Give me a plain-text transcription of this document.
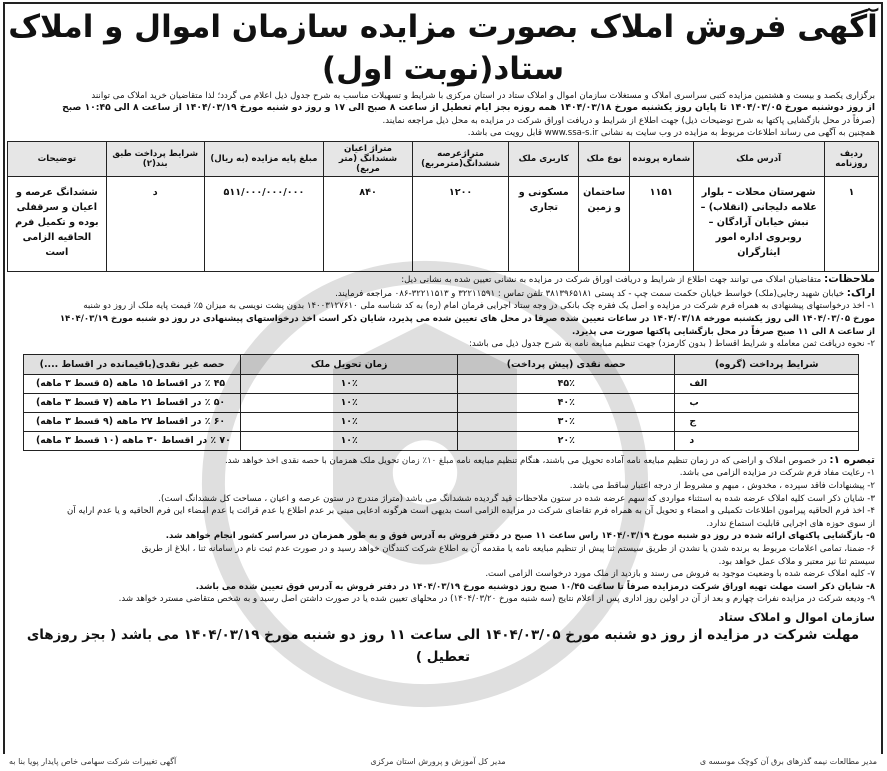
آگهی فروش املاک بصورت مزایده سازمان اموال و املاک ستاد(نوبت اول)
برگزاری یکصد و بیست و هشتمین مزایده کتبی سراسری املاک و مستغلات سازمان اموال و املاک ستاد در استان مرکزی با شرایط و تسهیلات مناسب به شرح جدول ذیل اعلام می گردد؛ لذا متقاضیان خرید املاک می توانند
از روز دوشنبه مورخ ۱۴۰۴/۰۳/۰۵ تا پایان روز یکشنبه مورخ ۱۴۰۴/۰۳/۱۸ همه روزه بجز ایام تعطیل از ساعت ۸ صبح الی ۱۷ و روز دو شنبه مورخ ۱۴۰۴/۰۳/۱۹ از ساعت ۸ الی ۱۰:۴۵ صبح
(صرفاً در محل بازگشایی پاکتها به شرح توضیحات ذیل) جهت اطلاع از شرایط و دریافت اوراق شرکت در مزایده به محل ذیل مراجعه نمایند.
همچنین به آگهی می رساند اطلاعات مربوط به مزایده در وب سایت به نشانی www.ssa-s.ir قابل رویت می باشد.
ردیف روزنامه	آدرس ملک	شماره پرونده	نوع ملک	کاربری ملک	متراژعرصه ششدانگ(مترمربع)	متراژ اعیان ششدانگ (متر مربع)	مبلغ پایه مزایده (به ریال)	شرایط پرداخت طبق بند(۲)	توضیحات
۱	شهرستان محلات – بلوار علامه دلیجانی (انقلاب) – نبش خیابان آزادگان – روبروی اداره امور ایثارگران	۱۱۵۱	ساختمان و زمین	مسکونی و تجاری	۱۲۰۰	۸۴۰	۵۱۱/۰۰۰/۰۰۰/۰۰۰	د	ششدانگ عرصه و اعیان و سرقفلی بوده و تکمیل فرم الحاقیه الزامی است
ملاحظات: متقاضیان املاک می توانند جهت اطلاع از شرایط و دریافت اوراق شرکت در مزایده به نشانی تعیین شده به نشانی ذیل:
اراک: خیابان شهید رجایی(ملک) خواسط خیابان حکمت سمت چپ - کد پستی ۳۸۱۳۹۶۵۱۸۱ تلفن تماس : ۳۲۲۱۱۵۹۱ و ۳۲۲۱۱۵۱۳-۰۸۶ مراجعه فرمایند.
۱- اخذ درخواستهای پیشنهادی به همراه فرم شرکت در مزایده و اصل یک فقره چک بانکی در وجه ستاد اجرایی فرمان امام (ره) به کد شناسه ملی ۱۴۰۰۳۱۲۷۶۱۰ بدون پشت نویسی به میزان ۵٪ قیمت پایه ملک از روز دو شنبه
مورخ ۱۴۰۴/۰۳/۰۵ الی روز یکشنبه مورخه ۱۴۰۴/۰۳/۱۸ در ساعات تعیین شده صرفا در محل های تعیین شده می پذیرد، شایان ذکر است اخذ درخواستهای پیشنهادی در روز دو شنبه مورخ ۱۴۰۴/۰۳/۱۹
از ساعت ۸ الی ۱۱ صبح صرفاً در محل بازگشایی پاکتها صورت می پذیرد.
۲- نحوه دریافت ثمن معامله و شرایط اقساط ( بدون کارمزد) جهت تنظیم مبایعه نامه به شرح جدول ذیل می باشد:
شرایط پرداخت (گروه)	حصه نقدی (پیش پرداخت)	زمان تحویل ملک	حصه غیر نقدی(باقیمانده در اقساط ....)
الف	۴۵٪	۱۰٪	۴۵ ٪ در اقساط ۱۵ ماهه (۵ قسط ۳ ماهه)
ب	۴۰٪	۱۰٪	۵۰ ٪ در اقساط ۲۱ ماهه (۷ قسط ۳ ماهه)
ج	۳۰٪	۱۰٪	۶۰ ٪ در اقساط ۲۷ ماهه (۹ قسط ۳ ماهه)
د	۲۰٪	۱۰٪	۷۰ ٪ در اقساط ۳۰ ماهه (۱۰ قسط ۳ ماهه)
تبصره ۱: در خصوص املاک و اراضی که در زمان تنظیم مبایعه نامه آماده تحویل می باشند، هنگام تنظیم مبایعه نامه مبلغ ۱۰٪ زمان تحویل ملک همزمان با حصه نقدی اخذ خواهد شد.
۱- رعایت مفاد فرم شرکت در مزایده الزامی می باشد.
۲- پیشنهادات فاقد سپرده ، مخدوش ، مبهم و مشروط از درجه اعتبار ساقط می باشد.
۳- شایان ذکر است کلیه املاک عرضه شده به استثناء مواردی که سهم عرضه شده در ستون ملاحظات قید گردیده ششدانگ می باشد (متراژ مندرج در ستون عرصه و اعیان ، مساحت کل ششدانگ است).
۴- اخذ فرم الحاقیه پیرامون اطلاعات تکمیلی و امضاء و تحویل آن به همراه فرم تقاضای شرکت در مزایده الزامی است بدیهی است هرگونه ادعایی مبنی بر عدم اطلاع یا عدم قرائت یا عدم امضاء این فرم الحاقیه و یا عدم ارایه آن
از سوی حوزه های اجرایی قابلیت استماع ندارد.
۵- بازگشایی پاکتهای ارائه شده در روز دو شنبه مورخ ۱۴۰۴/۰۳/۱۹ راس ساعت ۱۱ صبح در دفتر فروش به آدرس فوق و به طور همزمان در سراسر کشور انجام خواهد شد.
۶- ضمنا، تمامی اعلامات مربوط به برنده شدن یا نشدن از طریق سیستم ثنا پیش از تنظیم مبایعه نامه یا مقدمه آن به اطلاع شرکت کنندگان خواهد رسید و در صورت عدم ثبت نام در سامانه ثنا ، ابلاغ از طریق
سیستم ثنا نیز معتبر و ملاک عمل خواهد بود.
۷- کلیه املاک عرضه شده با وضعیت موجود به فروش می رسند و بازدید از ملک مورد درخواست الزامی است.
۸- شایان ذکر است مهلت تهیه اوراق شرکت درمزایده صرفاً تا ساعت ۱۰/۴۵ صبح روز دوشنبه مورخ ۱۴۰۴/۰۳/۱۹ در دفتر فروش به آدرس فوق تعیین شده می باشد.
۹- ودیعه شرکت در مزایده نفرات چهارم و بعد از آن در اولین روز اداری پس از اعلام نتایج (سه شنبه مورخ ۱۴۰۴/۰۳/۲۰) در محلهای تعیین شده یا در صورت داشتن اصل رسید و به شخص متقاضی مسترد خواهد شد.
سازمان اموال و املاک ستاد
مهلت شرکت در مزایده از روز دو شنبه مورخ ۱۴۰۴/۰۳/۰۵ الی ساعت ۱۱ روز دو شنبه مورخ ۱۴۰۴/۰۳/۱۹ می باشد ( بجز روزهای تعطیل )
مدیر مطالعات نیمه گذرهای برق آن کوچک موسسه ی
مدیر کل آموزش و پرورش استان مرکزی
آگهی تغییرات شرکت سهامی خاص پایدار پویا بنا به
